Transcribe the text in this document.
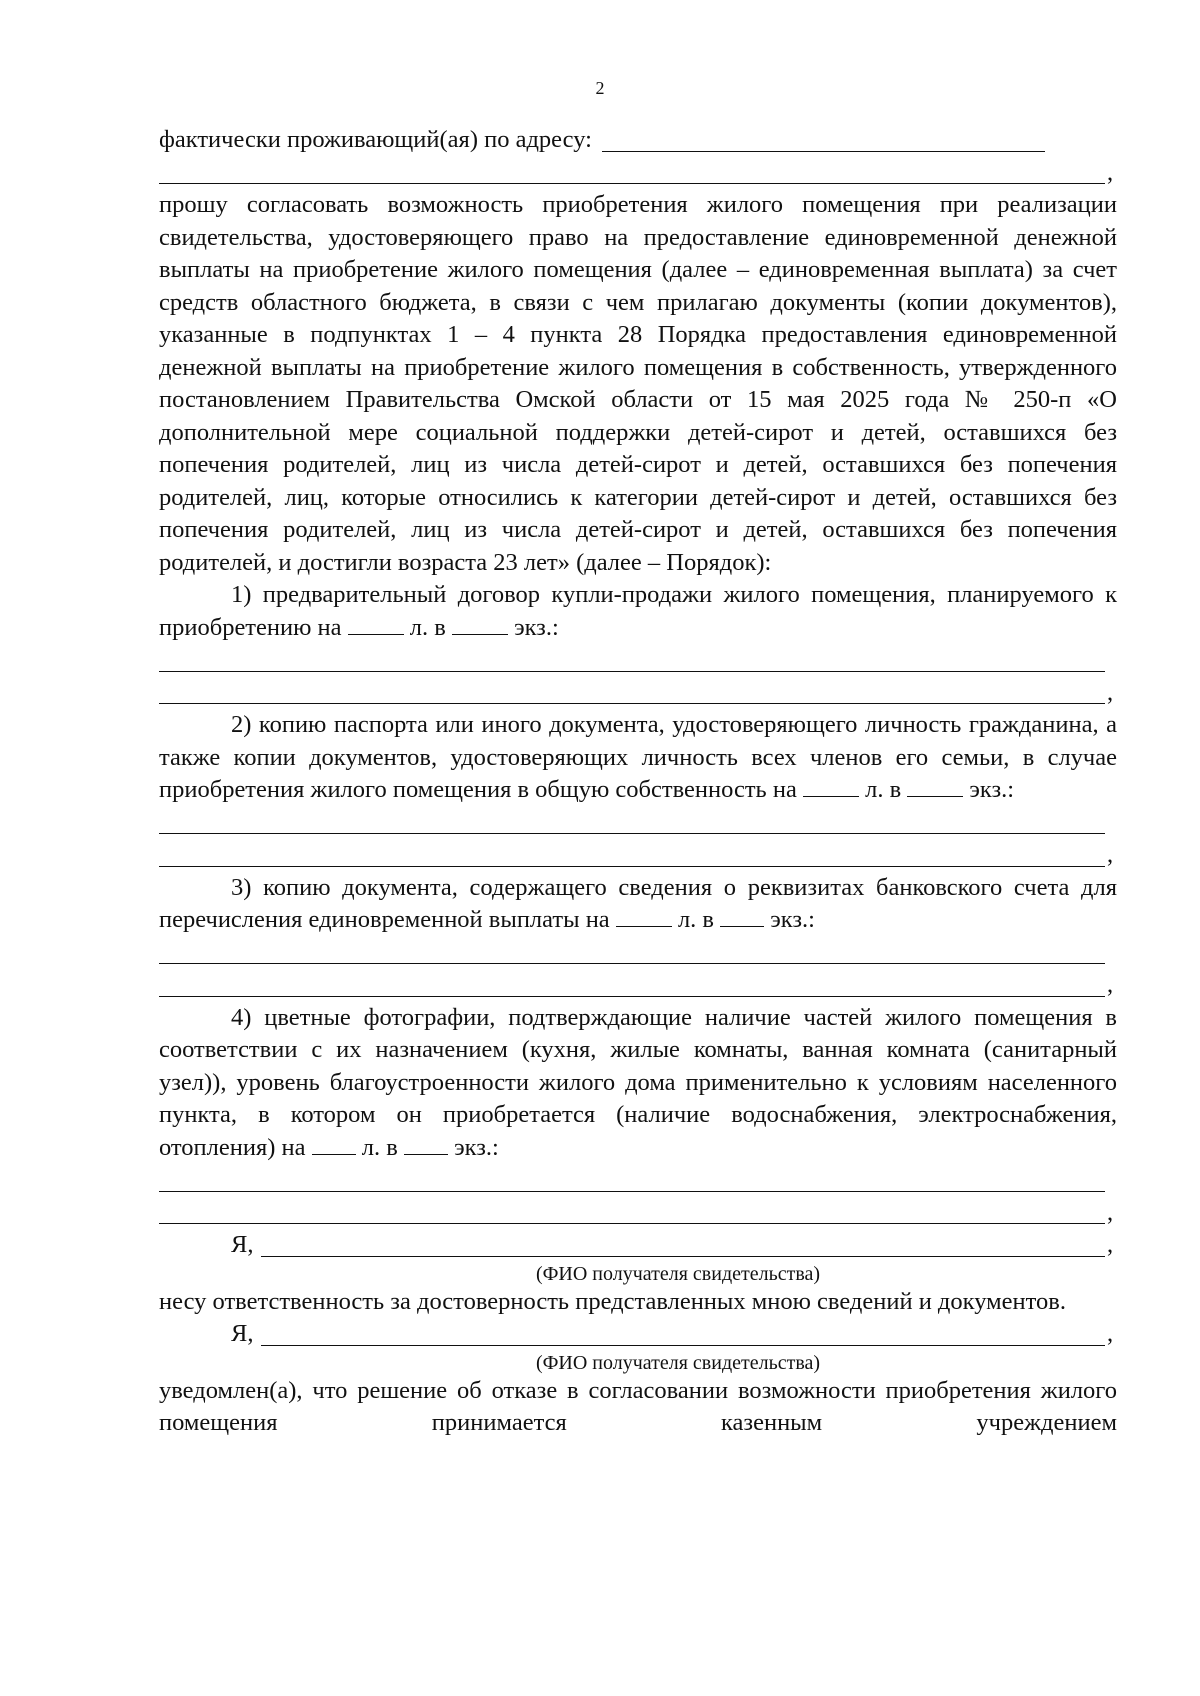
2
фактически проживающий(ая) по адресу:
,

прошу согласовать возможность приобретения жилого помещения при реализации свидетельства, удостоверяющего право на предоставление единовременной денежной выплаты на приобретение жилого помещения (далее – единовременная выплата) за счет средств областного бюджета, в связи с чем прилагаю документы (копии документов), указанные в подпунктах 1 – 4 пункта 28 Порядка предоставления единовременной денежной выплаты на приобретение жилого помещения в собственность, утвержденного постановлением Правительства Омской области от 15 мая 2025 года № 250-п «О дополнительной мере социальной поддержки детей-сирот и детей, оставшихся без попечения родителей, лиц из числа детей-сирот и детей, оставшихся без попечения родителей, лиц, которые относились к категории детей-сирот и детей, оставшихся без попечения родителей, лиц из числа детей-сирот и детей, оставшихся без попечения родителей, и достигли возраста 23 лет» (далее – Порядок):

1) предварительный договор купли-продажи жилого помещения, планируемого к приобретению на	л. в	экз.:

,

2) копию паспорта или иного документа, удостоверяющего личность гражданина, а также копии документов, удостоверяющих личность всех членов его семьи, в случае приобретения жилого помещения в общую собственность на	л. в	экз.:

,

3) копию документа, содержащего сведения о реквизитах банковского счета для перечисления единовременной выплаты на	л. в экз.:

,

4) цветные фотографии, подтверждающие наличие частей жилого помещения в соответствии с их назначением (кухня, жилые комнаты, ванная комната (санитарный узел)), уровень благоустроенности жилого дома применительно к условиям населенного пункта, в котором он приобретается (наличие водоснабжения, электроснабжения, отопления) на л. в экз.:

,
Я,	,
(ФИО получателя свидетельства)

несу ответственность за достоверность представленных мною сведений и документов.

Я,	,
(ФИО получателя свидетельства)

уведомлен(а), что решение об отказе в согласовании возможности приобретения жилого помещения принимается казенным учреждением
